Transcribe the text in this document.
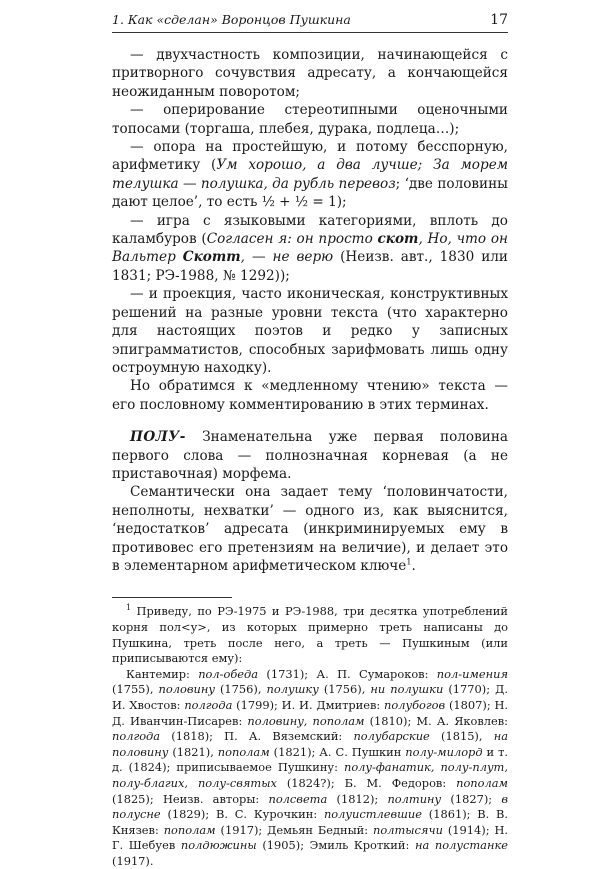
1. Как «сделан» Воронцов Пушкина	17

— двухчастность композиции, начинающейся с притворного сочувствия адресату, а кончающейся неожиданным поворотом;

— оперирование стереотипными оценочными топосами (торгаша, плебея, дурака, подлеца…);

— опора на простейшую, и потому бесспорную, арифметику (Ум хорошо, а два лучше; За морем телушка — полушка, да рубль перевоз; ‘две половины дают целое’, то есть ½ + ½ = 1);

— игра с языковыми категориями, вплоть до каламбуров (Согласен я: он просто скот, Но, что он Вальтер Скотт, — не верю (Неизв. авт., 1830 или 1831; РЭ-1988, № 1292));

— и проекция, часто иконическая, конструктивных решений на разные уровни текста (что характерно для настоящих поэтов и редко у записных эпиграмматистов, способных зарифмовать лишь одну остроумную находку).

Но обратимся к «медленному чтению» текста — его пословному комментированию в этих терминах.

ПОЛУ- Знаменательна уже первая половина первого слова — полнозначная корневая (а не приставочная) морфема.

Семантически она задает тему ‘половинчатости, неполноты, нехватки’ — одного из, как выяснится, ‘недостатков’ адресата (инкриминируемых ему в противовес его претензиям на величие), и делает это в элементарном арифметическом ключе$^1$.

$^1$ Приведу, по РЭ-1975 и РЭ-1988, три десятка употреблений корня пол<у>, из которых примерно треть написаны до Пушкина, треть после него, а треть — Пушкиным (или приписываются ему):

Кантемир: пол-обеда (1731); А. П. Сумароков: пол-имения (1755), половину (1756), полушку (1756), ни полушки (1770); Д. И. Хвостов: полгода (1799); И. И. Дмитриев: полубогов (1807); Н. Д. Иванчин-Писарев: половину, пополам (1810); М. А. Яковлев: полгода (1818); П. А. Вяземский: полубарские (1815), на половину (1821), пополам (1821); А. С. Пушкин полу-милорд и т. д. (1824); приписываемое Пушкину: полу-фанатик, полу-плут, полу-благих, полу-святых (1824?); Б. М. Федоров: пополам (1825); Неизв. авторы: полсвета (1812); полтину (1827); в полусне (1829); В. С. Курочкин: полуистлевшие (1861); В. В. Князев: пополам (1917); Демьян Бедный: полтысячи (1914); Н. Г. Шебуев полдюжины (1905); Эмиль Кроткий: на полустанке (1917).
